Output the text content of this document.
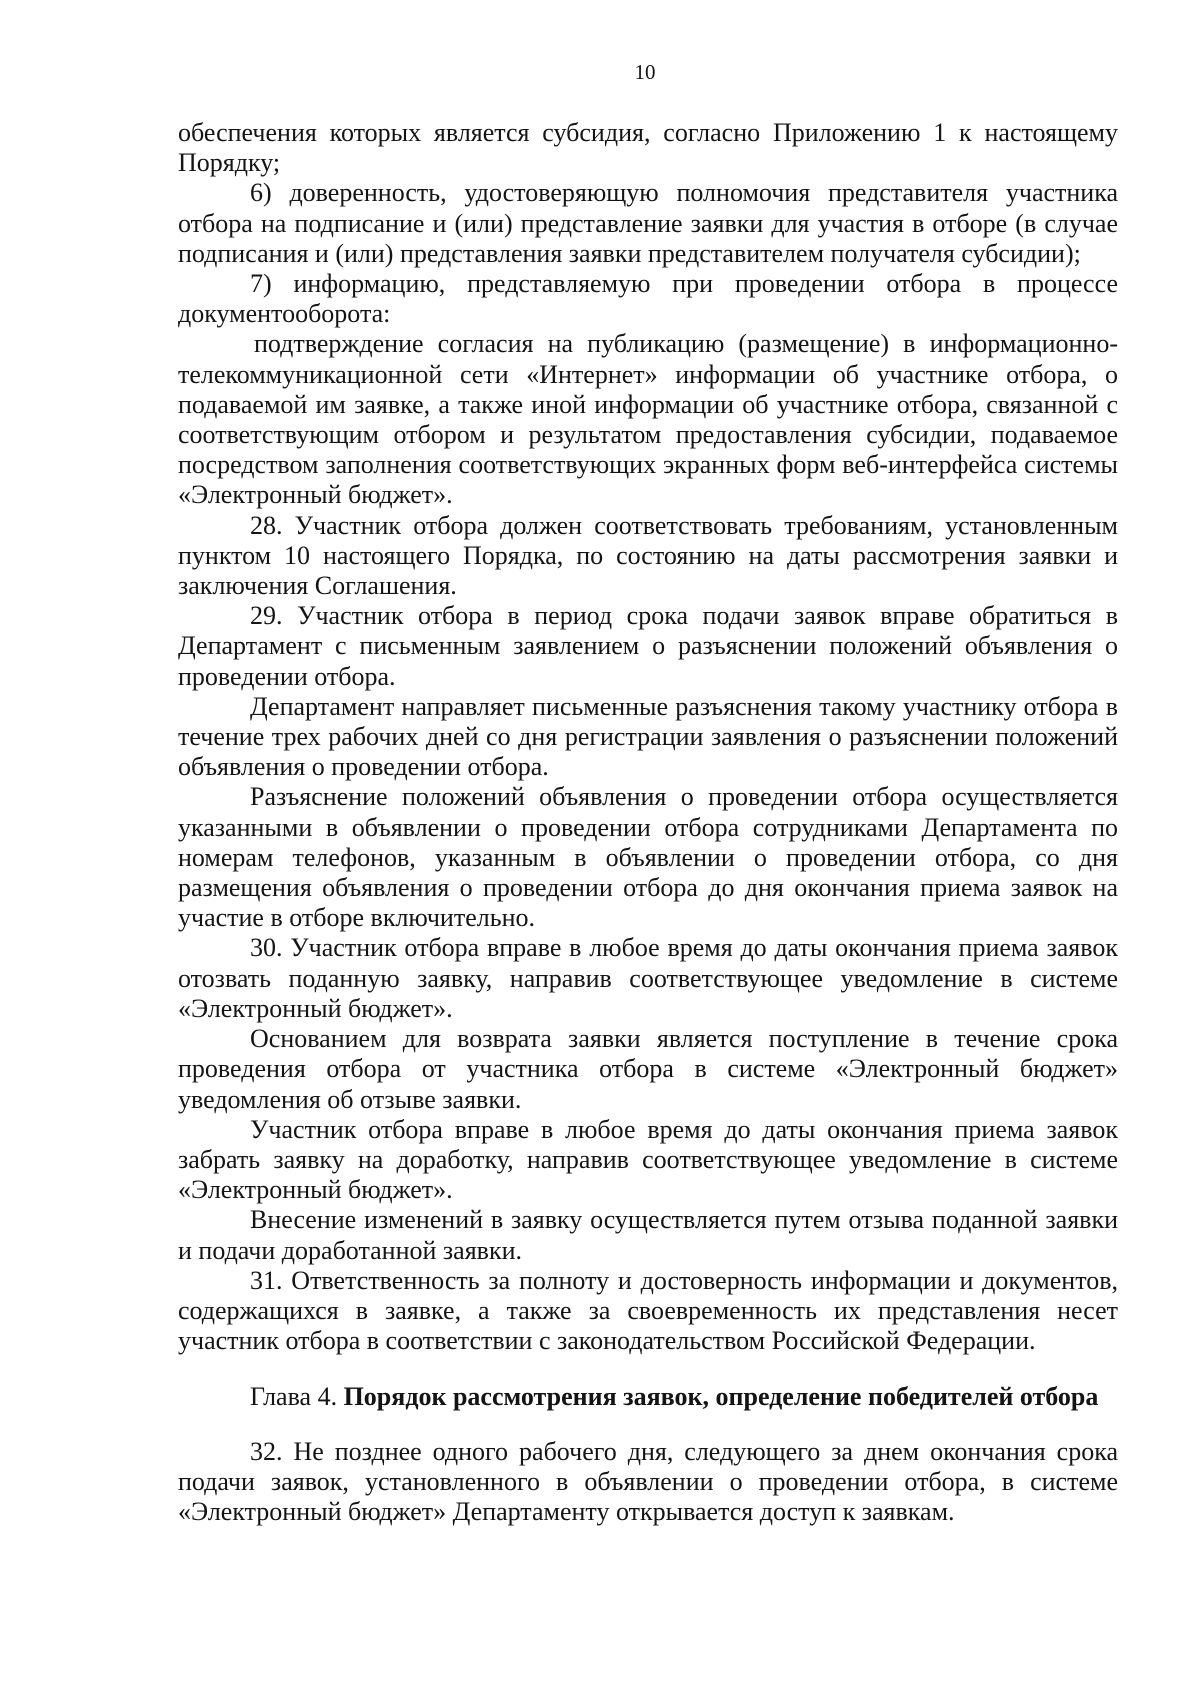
10

обеспечения которых является субсидия, согласно Приложению 1 к настоящему Порядку;

6) доверенность, удостоверяющую полномочия представителя участника отбора на подписание и (или) представление заявки для участия в отборе (в случае подписания и (или) представления заявки представителем получателя субсидии);

7) информацию, представляемую при проведении отбора в процессе документооборота:

подтверждение согласия на публикацию (размещение) в информационно-телекоммуникационной сети «Интернет» информации об участнике отбора, о подаваемой им заявке, а также иной информации об участнике отбора, связанной с соответствующим отбором и результатом предоставления субсидии, подаваемое посредством заполнения соответствующих экранных форм веб-интерфейса системы «Электронный бюджет».

28. Участник отбора должен соответствовать требованиям, установленным пунктом 10 настоящего Порядка, по состоянию на даты рассмотрения заявки и заключения Соглашения.

29. Участник отбора в период срока подачи заявок вправе обратиться в Департамент с письменным заявлением о разъяснении положений объявления о проведении отбора.

Департамент направляет письменные разъяснения такому участнику отбора в течение трех рабочих дней со дня регистрации заявления о разъяснении положений объявления о проведении отбора.

Разъяснение положений объявления о проведении отбора осуществляется указанными в объявлении о проведении отбора сотрудниками Департамента по номерам телефонов, указанным в объявлении о проведении отбора, со дня размещения объявления о проведении отбора до дня окончания приема заявок на участие в отборе включительно.

30. Участник отбора вправе в любое время до даты окончания приема заявок отозвать поданную заявку, направив соответствующее уведомление в системе «Электронный бюджет».

Основанием для возврата заявки является поступление в течение срока проведения отбора от участника отбора в системе «Электронный бюджет» уведомления об отзыве заявки.

Участник отбора вправе в любое время до даты окончания приема заявок забрать заявку на доработку, направив соответствующее уведомление в системе «Электронный бюджет».

Внесение изменений в заявку осуществляется путем отзыва поданной заявки и подачи доработанной заявки.

31. Ответственность за полноту и достоверность информации и документов, содержащихся в заявке, а также за своевременность их представления несет участник отбора в соответствии с законодательством Российской Федерации.

Глава 4. Порядок рассмотрения заявок, определение победителей отбора

32. Не позднее одного рабочего дня, следующего за днем окончания срока подачи заявок, установленного в объявлении о проведении отбора, в системе «Электронный бюджет» Департаменту открывается доступ к заявкам.
